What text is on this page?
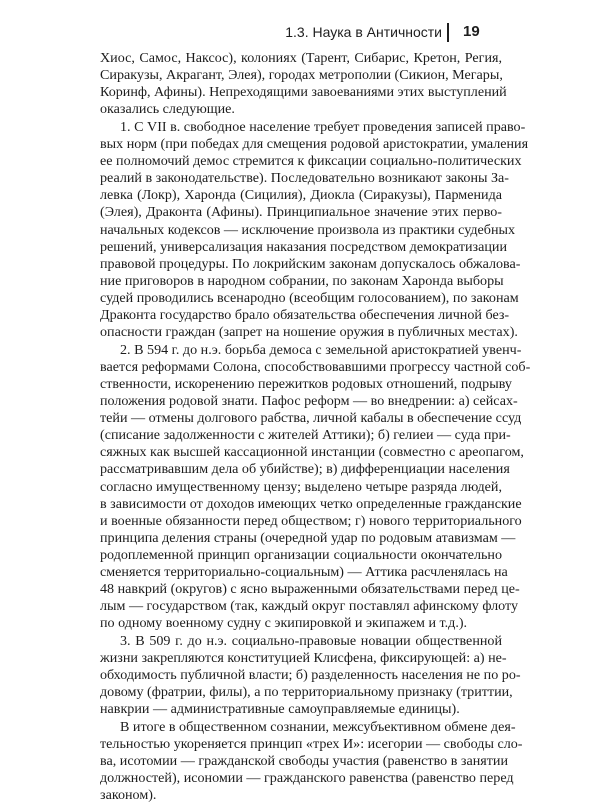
1.3. Наука в Античности 19
Хиос, Самос, Наксос), колониях (Тарент, Сибарис, Кретон, Регия,
Сиракузы, Акрагант, Элея), городах метрополии (Сикион, Мегары,
Коринф, Афины). Непреходящими завоеваниями этих выступлений
оказались следующие.
1. С VII в. свободное население требует проведения записей право-
вых норм (при победах для смещения родовой аристократии, умаления
ее полномочий демос стремится к фиксации социально-политических
реалий в законодательстве). Последовательно возникают законы За-
левка (Локр), Харонда (Сицилия), Диокла (Сиракузы), Парменида
(Элея), Драконта (Афины). Принципиальное значение этих перво-
начальных кодексов — исключение произвола из практики судебных
решений, универсализация наказания посредством демократизации
правовой процедуры. По локрийским законам допускалось обжалова-
ние приговоров в народном собрании, по законам Харонда выборы
судей проводились всенародно (всеобщим голосованием), по законам
Драконта государство брало обязательства обеспечения личной без-
опасности граждан (запрет на ношение оружия в публичных местах).
2. В 594 г. до н.э. борьба демоса с земельной аристократией увенч-
вается реформами Солона, способствовавшими прогрессу частной соб-
ственности, искоренению пережитков родовых отношений, подрыву
положения родовой знати. Пафос реформ — во внедрении: а) сейсах-
тейи — отмены долгового рабства, личной кабалы в обеспечение ссуд
(списание задолженности с жителей Аттики); б) гелиеи — суда при-
сяжных как высшей кассационной инстанции (совместно с ареопагом,
рассматривавшим дела об убийстве); в) дифференциации населения
согласно имущественному цензу; выделено четыре разряда людей,
в зависимости от доходов имеющих четко определенные гражданские
и военные обязанности перед обществом; г) нового территориального
принципа деления страны (очередной удар по родовым атавизмам —
родоплеменной принцип организации социальности окончательно
сменяется территориально-социальным) — Аттика расчленялась на
48 навкрий (округов) с ясно выраженными обязательствами перед це-
лым — государством (так, каждый округ поставлял афинскому флоту
по одному военному судну с экипировкой и экипажем и т.д.).
3. В 509 г. до н.э. социально-правовые новации общественной
жизни закрепляются конституцией Клисфена, фиксирующей: а) не-
обходимость публичной власти; б) разделенность населения не по ро-
довому (фратрии, филы), а по территориальному признаку (триттии,
навкрии — административные самоуправляемые единицы).
В итоге в общественном сознании, межсубъективном обмене дея-
тельностью укореняется принцип «трех И»: исегории — свободы сло-
ва, исотомии — гражданской свободы участия (равенство в занятии
должностей), исономии — гражданского равенства (равенство перед
законом).
